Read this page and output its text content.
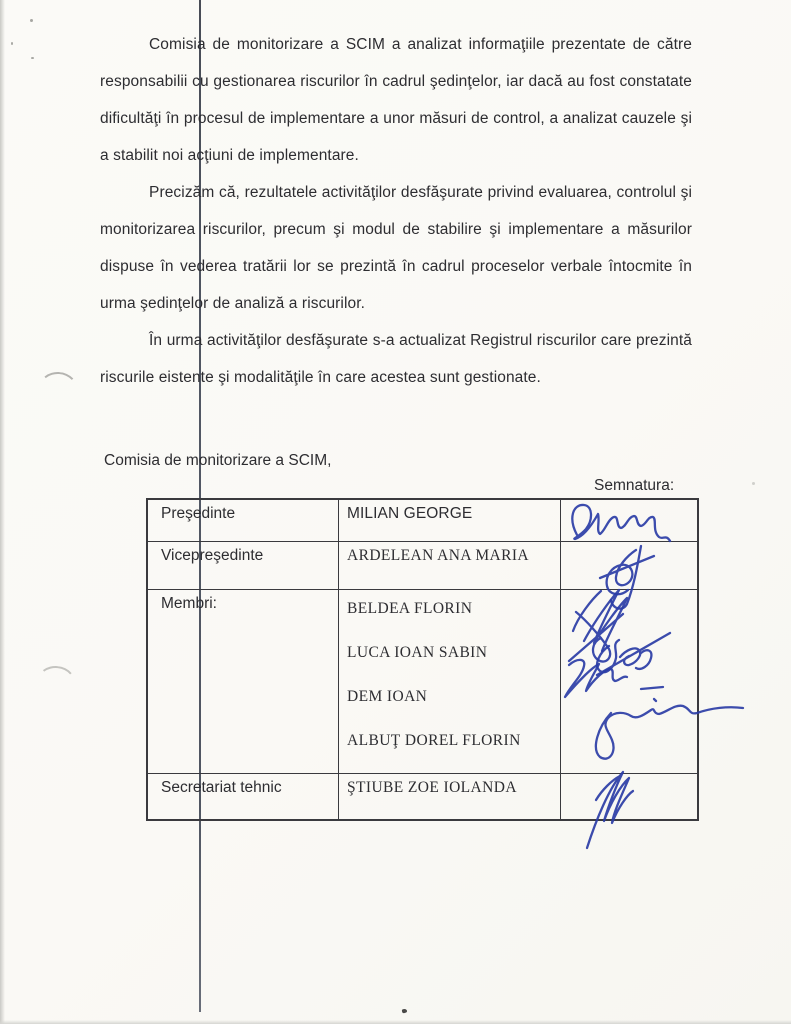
Comisia de monitorizare a SCIM a analizat informaţiile prezentate de către responsabilii cu gestionarea riscurilor în cadrul şedinţelor, iar dacă au fost constatate dificultăţi în procesul de implementare a unor măsuri de control, a analizat cauzele şi a stabilit noi acţiuni de implementare.

Precizăm că, rezultatele activităţilor desfăşurate privind evaluarea, controlul şi monitorizarea riscurilor, precum şi modul de stabilire şi implementare a măsurilor dispuse în vederea tratării lor se prezintă în cadrul proceselor verbale întocmite în urma şedinţelor de analiză a riscurilor.

În urma activităţilor desfăşurate s-a actualizat Registrul riscurilor care prezintă riscurile eistente şi modalităţile în care acestea sunt gestionate.

Comisia de monitorizare a SCIM,
Semnatura:
Preşedinte	MILIAN GEORGE
Vicepreşedinte	ARDELEAN ANA MARIA
Membri:	BELDEA FLORIN
LUCA IOAN SABIN
DEM IOAN
ALBUŢ DOREL FLORIN
Secretariat tehnic	ŞTIUBE ZOE IOLANDA
